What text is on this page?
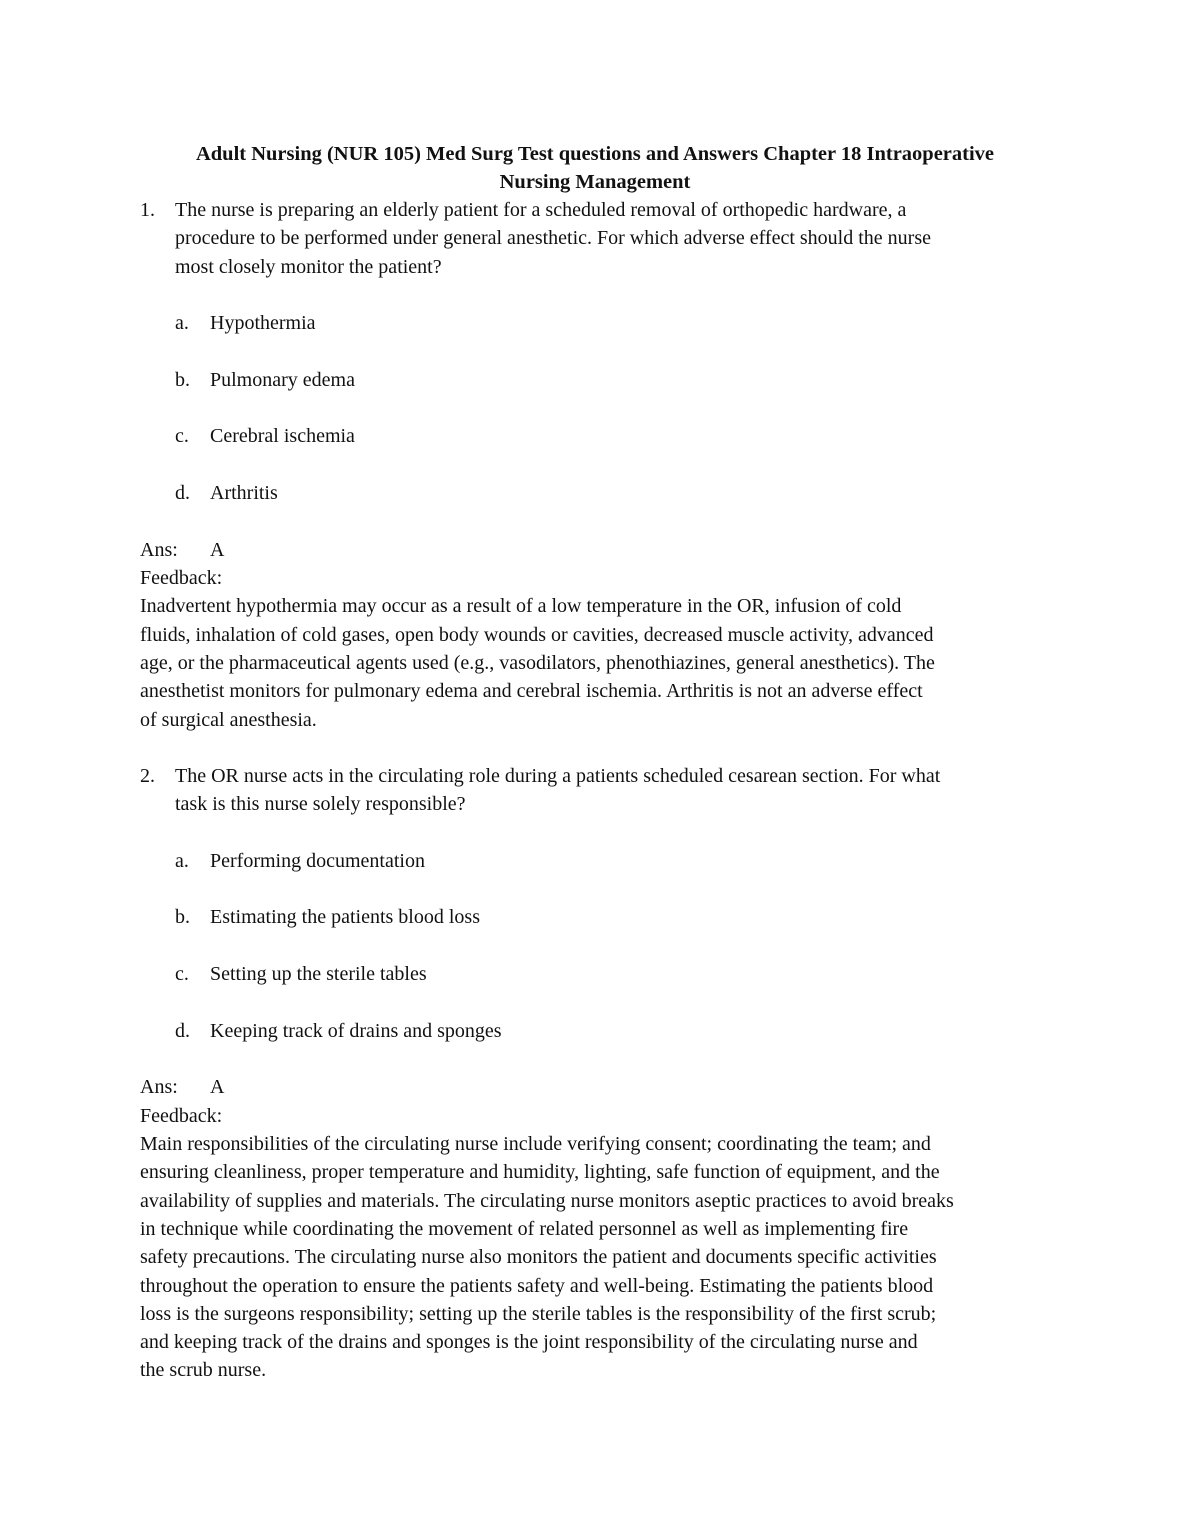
Adult Nursing (NUR 105) Med Surg Test questions and Answers Chapter 18 Intraoperative
Nursing Management
1. The nurse is preparing an elderly patient for a scheduled removal of orthopedic hardware, a
procedure to be performed under general anesthetic. For which adverse effect should the nurse
most closely monitor the patient?
a. Hypothermia
b. Pulmonary edema
c. Cerebral ischemia
d. Arthritis
Ans: A
Feedback:
Inadvertent hypothermia may occur as a result of a low temperature in the OR, infusion of cold
fluids, inhalation of cold gases, open body wounds or cavities, decreased muscle activity, advanced
age, or the pharmaceutical agents used (e.g., vasodilators, phenothiazines, general anesthetics). The
anesthetist monitors for pulmonary edema and cerebral ischemia. Arthritis is not an adverse effect
of surgical anesthesia.
2. The OR nurse acts in the circulating role during a patients scheduled cesarean section. For what
task is this nurse solely responsible?
a. Performing documentation
b. Estimating the patients blood loss
c. Setting up the sterile tables
d. Keeping track of drains and sponges
Ans: A
Feedback:
Main responsibilities of the circulating nurse include verifying consent; coordinating the team; and
ensuring cleanliness, proper temperature and humidity, lighting, safe function of equipment, and the
availability of supplies and materials. The circulating nurse monitors aseptic practices to avoid breaks
in technique while coordinating the movement of related personnel as well as implementing fire
safety precautions. The circulating nurse also monitors the patient and documents specific activities
throughout the operation to ensure the patients safety and well-being. Estimating the patients blood
loss is the surgeons responsibility; setting up the sterile tables is the responsibility of the first scrub;
and keeping track of the drains and sponges is the joint responsibility of the circulating nurse and
the scrub nurse.
